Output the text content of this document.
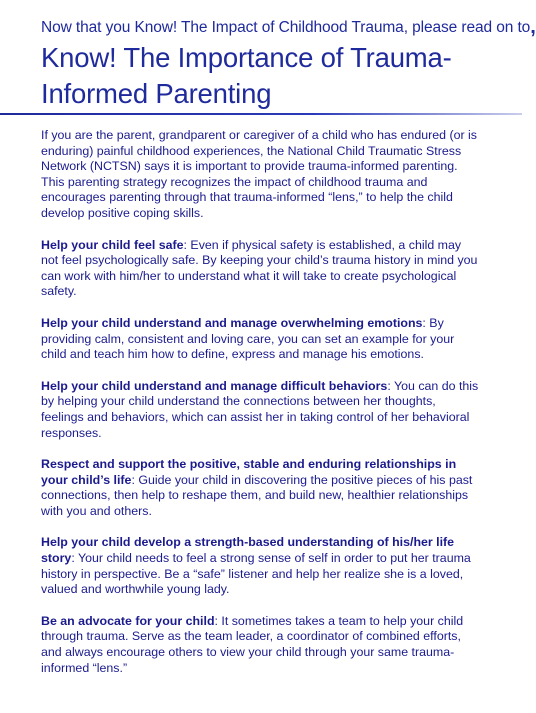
Now that you Know! The Impact of Childhood Trauma, please read on to,
Know! The Importance of Trauma-Informed Parenting

If you are the parent, grandparent or caregiver of a child who has endured (or is enduring) painful childhood experiences, the National Child Traumatic Stress Network (NCTSN) says it is important to provide trauma-informed parenting. This parenting strategy recognizes the impact of childhood trauma and encourages parenting through that trauma-informed “lens,” to help the child develop positive coping skills.

Help your child feel safe: Even if physical safety is established, a child may not feel psychologically safe. By keeping your child’s trauma history in mind you can work with him/her to understand what it will take to create psychological safety.

Help your child understand and manage overwhelming emotions: By providing calm, consistent and loving care, you can set an example for your child and teach him how to define, express and manage his emotions.

Help your child understand and manage difficult behaviors: You can do this by helping your child understand the connections between her thoughts, feelings and behaviors, which can assist her in taking control of her behavioral responses.

Respect and support the positive, stable and enduring relationships in your child’s life: Guide your child in discovering the positive pieces of his past connections, then help to reshape them, and build new, healthier relationships with you and others.

Help your child develop a strength-based understanding of his/her life story: Your child needs to feel a strong sense of self in order to put her trauma history in perspective. Be a “safe” listener and help her realize she is a loved, valued and worthwhile young lady.

Be an advocate for your child: It sometimes takes a team to help your child through trauma. Serve as the team leader, a coordinator of combined efforts, and always encourage others to view your child through your same trauma-informed “lens.”
